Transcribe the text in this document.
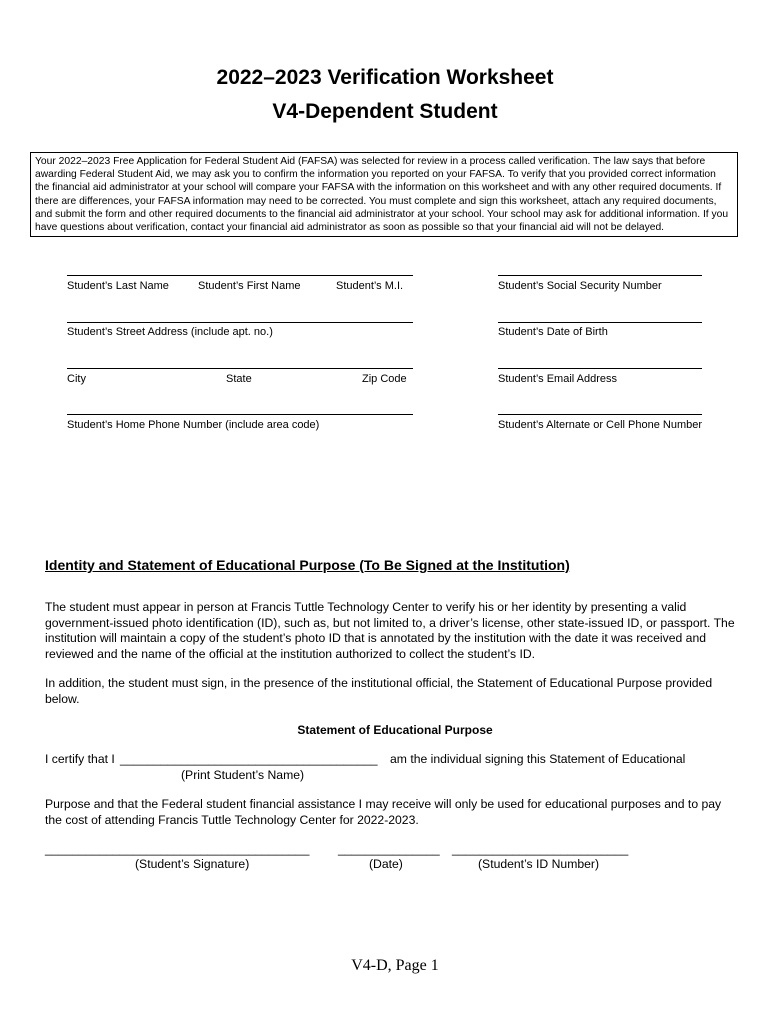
2022–2023 Verification Worksheet
V4-Dependent Student
Your 2022–2023 Free Application for Federal Student Aid (FAFSA) was selected for review in a process called verification. The law says that before awarding Federal Student Aid, we may ask you to confirm the information you reported on your FAFSA. To verify that you provided correct information the financial aid administrator at your school will compare your FAFSA with the information on this worksheet and with any other required documents. If there are differences, your FAFSA information may need to be corrected. You must complete and sign this worksheet, attach any required documents, and submit the form and other required documents to the financial aid administrator at your school. Your school may ask for additional information. If you have questions about verification, contact your financial aid administrator as soon as possible so that your financial aid will not be delayed.
Student’s Last Name	Student’s First Name	Student’s M.I.	Student’s Social Security Number
Student’s Street Address (include apt. no.)	Student’s Date of Birth
City	State	Zip Code	Student’s Email Address
Student’s Home Phone Number (include area code)	Student’s Alternate or Cell Phone Number
Identity and Statement of Educational Purpose (To Be Signed at the Institution)
The student must appear in person at Francis Tuttle Technology Center to verify his or her identity by presenting a valid government-issued photo identification (ID), such as, but not limited to, a driver’s license, other state-issued ID, or passport. The institution will maintain a copy of the student’s photo ID that is annotated by the institution with the date it was received and reviewed and the name of the official at the institution authorized to collect the student’s ID.
In addition, the student must sign, in the presence of the institutional official, the Statement of Educational Purpose provided below.
Statement of Educational Purpose
I certify that I ______________________________________ am the individual signing this Statement of Educational
(Print Student’s Name)
Purpose and that the Federal student financial assistance I may receive will only be used for educational purposes and to pay the cost of attending Francis Tuttle Technology Center for 2022-2023.
_______________________________________ _______________ __________________________
(Student’s Signature)	(Date)	(Student’s ID Number)
V4-D, Page 1
